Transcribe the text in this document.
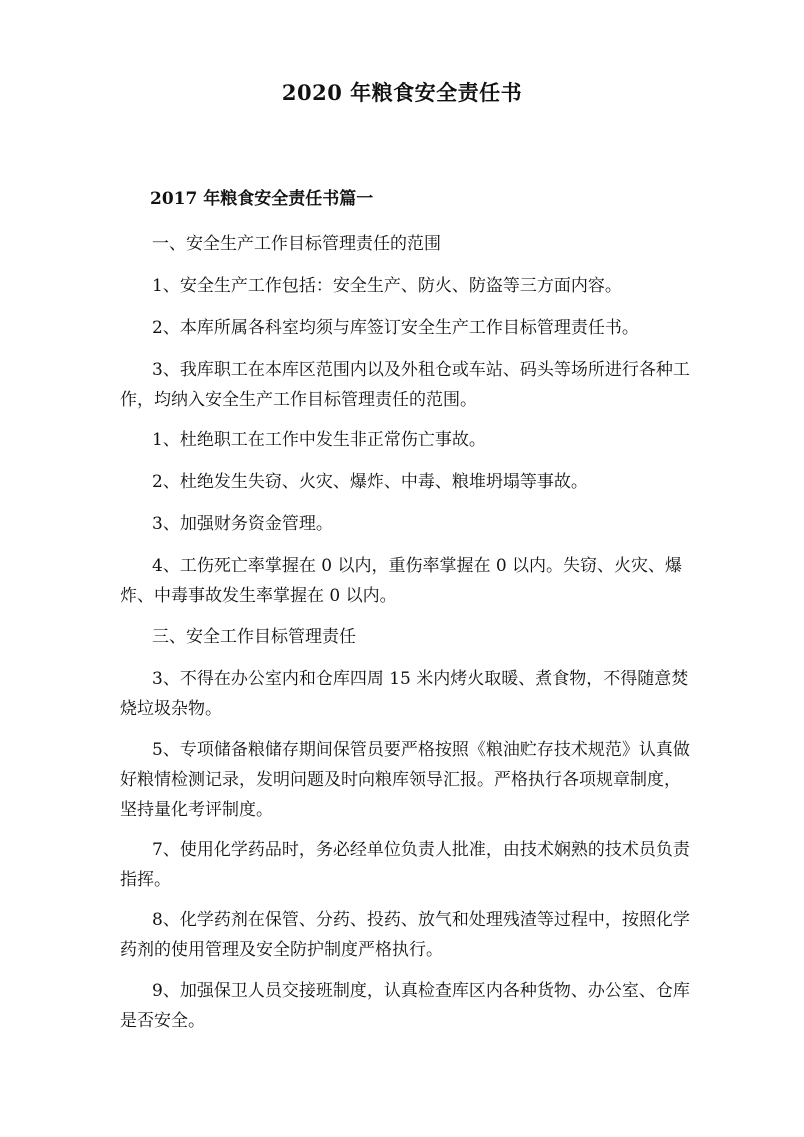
2020 年粮食安全责任书
2017 年粮食安全责任书篇一

一、安全生产工作目标管理责任的范围

1、安全生产工作包括：安全生产、防火、防盗等三方面内容。

2、本库所属各科室均须与库签订安全生产工作目标管理责任书。

3、我库职工在本库区范围内以及外租仓或车站、码头等场所进行各种工作，均纳入安全生产工作目标管理责任的范围。

1、杜绝职工在工作中发生非正常伤亡事故。

2、杜绝发生失窃、火灾、爆炸、中毒、粮堆坍塌等事故。

3、加强财务资金管理。

4、工伤死亡率掌握在 0 以内，重伤率掌握在 0 以内。失窃、火灾、爆炸、中毒事故发生率掌握在 0 以内。

三、安全工作目标管理责任

3、不得在办公室内和仓库四周 15 米内烤火取暖、煮食物，不得随意焚烧垃圾杂物。

5、专项储备粮储存期间保管员要严格按照《粮油贮存技术规范》认真做好粮情检测记录，发明问题及时向粮库领导汇报。严格执行各项规章制度，坚持量化考评制度。

7、使用化学药品时，务必经单位负责人批准，由技术娴熟的技术员负责指挥。

8、化学药剂在保管、分药、投药、放气和处理残渣等过程中，按照化学药剂的使用管理及安全防护制度严格执行。

9、加强保卫人员交接班制度，认真检查库区内各种货物、办公室、仓库是否安全。
